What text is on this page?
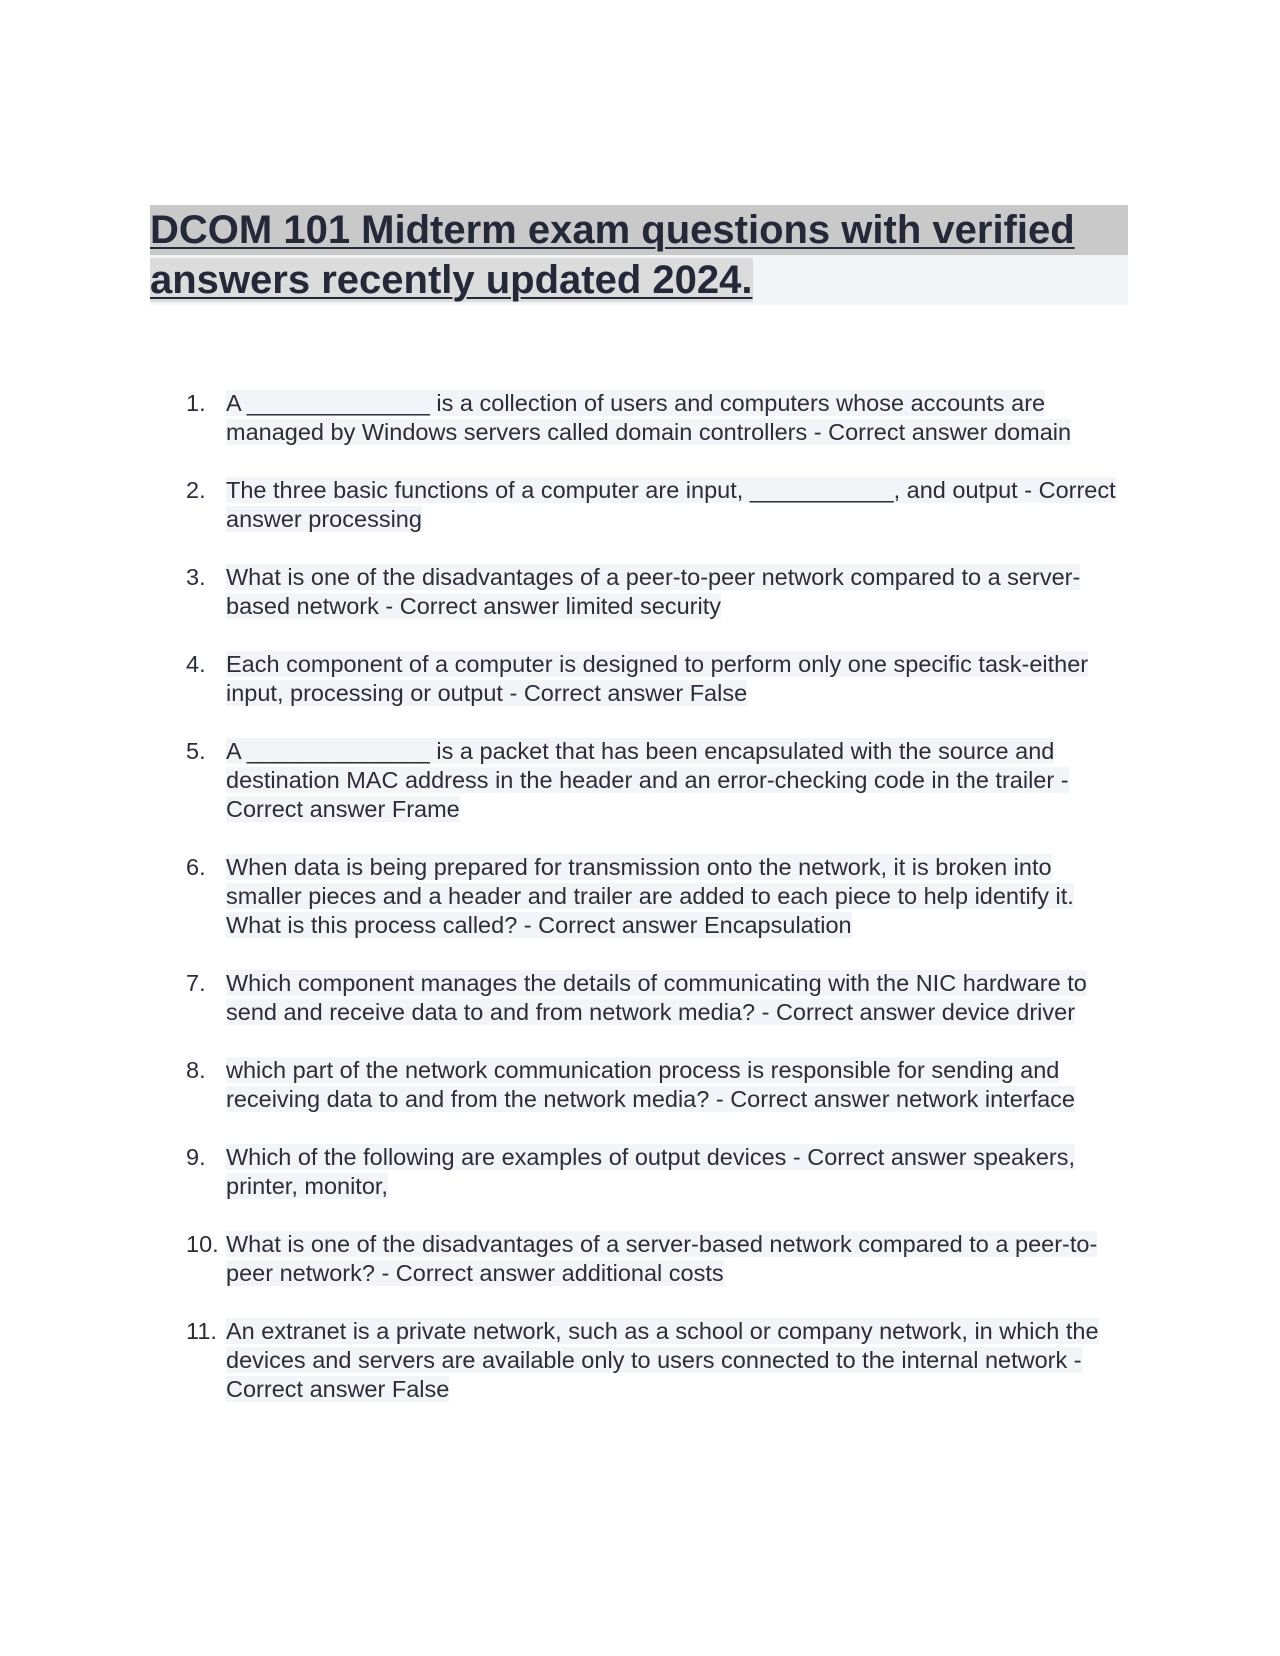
DCOM 101 Midterm exam questions with verified
answers recently updated 2024.
1. A ______________ is a collection of users and computers whose accounts are managed by Windows servers called domain controllers - Correct answer domain
2. The three basic functions of a computer are input, ___________, and output - Correct answer processing
3. What is one of the disadvantages of a peer-to-peer network compared to a server-based network - Correct answer limited security
4. Each component of a computer is designed to perform only one specific task-either input, processing or output - Correct answer False
5. A ______________ is a packet that has been encapsulated with the source and destination MAC address in the header and an error-checking code in the trailer - Correct answer Frame
6. When data is being prepared for transmission onto the network, it is broken into smaller pieces and a header and trailer are added to each piece to help identify it. What is this process called? - Correct answer Encapsulation
7. Which component manages the details of communicating with the NIC hardware to send and receive data to and from network media? - Correct answer device driver
8. which part of the network communication process is responsible for sending and receiving data to and from the network media? - Correct answer network interface
9. Which of the following are examples of output devices - Correct answer speakers, printer, monitor,
10. What is one of the disadvantages of a server-based network compared to a peer-to-peer network? - Correct answer additional costs
11. An extranet is a private network, such as a school or company network, in which the devices and servers are available only to users connected to the internal network - Correct answer False
